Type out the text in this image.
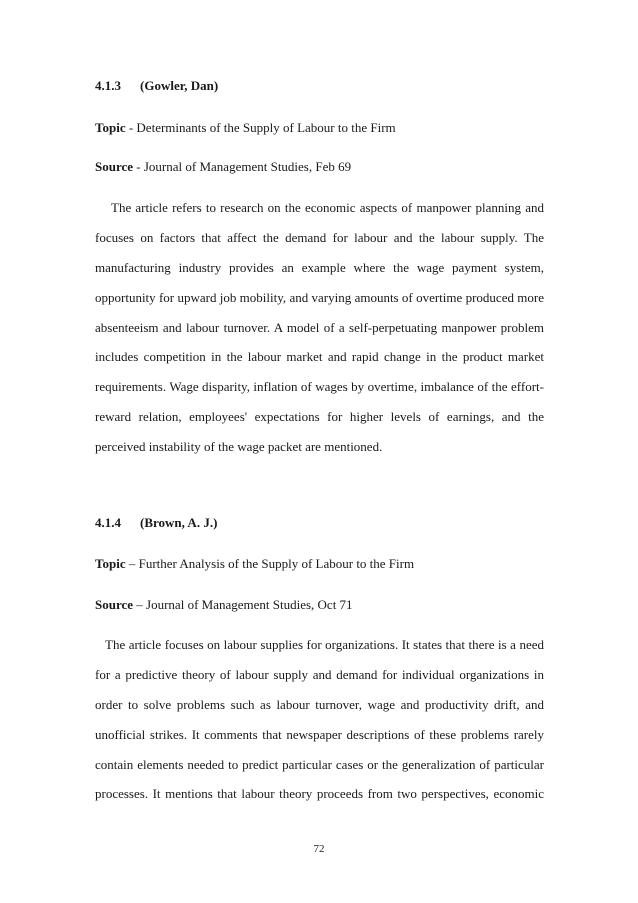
4.1.3 (Gowler, Dan)
Topic - Determinants of the Supply of Labour to the Firm
Source - Journal of Management Studies, Feb 69
The article refers to research on the economic aspects of manpower planning and
focuses on factors that affect the demand for labour and the labour supply. The
manufacturing industry provides an example where the wage payment system,
opportunity for upward job mobility, and varying amounts of overtime produced more
absenteeism and labour turnover. A model of a self-perpetuating manpower problem
includes competition in the labour market and rapid change in the product market
requirements. Wage disparity, inflation of wages by overtime, imbalance of the effort-
reward relation, employees' expectations for higher levels of earnings, and the
perceived instability of the wage packet are mentioned.
4.1.4 (Brown, A. J.)
Topic – Further Analysis of the Supply of Labour to the Firm
Source – Journal of Management Studies, Oct 71
The article focuses on labour supplies for organizations. It states that there is a need
for a predictive theory of labour supply and demand for individual organizations in
order to solve problems such as labour turnover, wage and productivity drift, and
unofficial strikes. It comments that newspaper descriptions of these problems rarely
contain elements needed to predict particular cases or the generalization of particular
processes. It mentions that labour theory proceeds from two perspectives, economic
72
